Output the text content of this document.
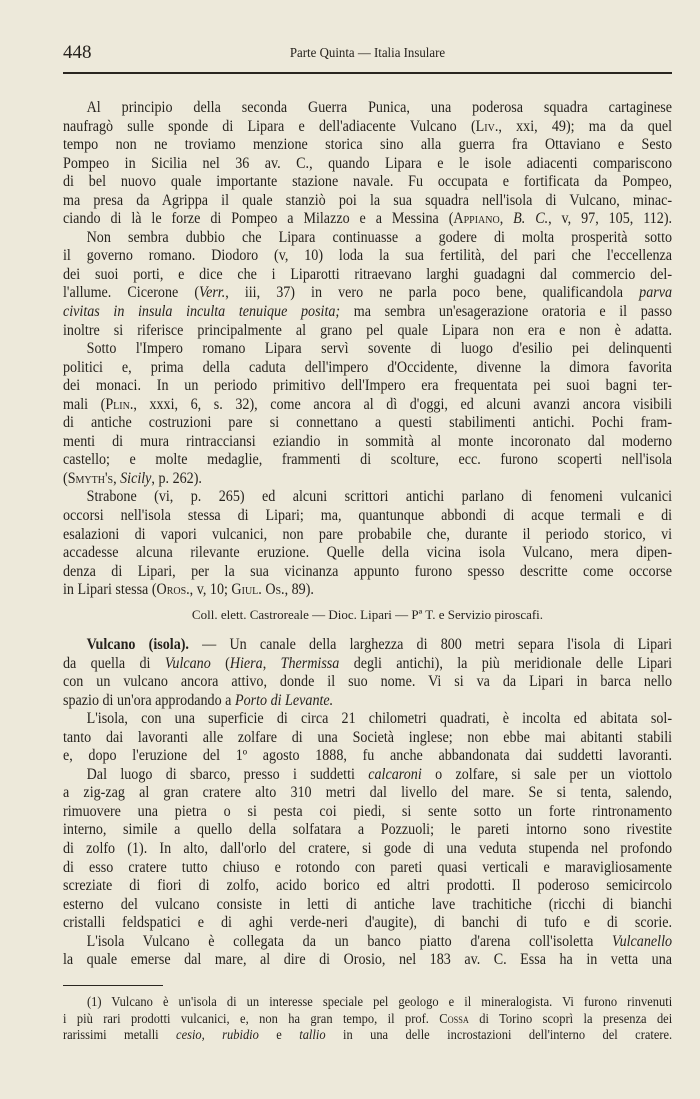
448	Parte Quinta — Italia Insulare
Al principio della seconda Guerra Punica, una poderosa squadra cartaginese
naufragò sulle sponde di Lipara e dell'adiacente Vulcano (Liv., xxi, 49); ma da quel
tempo non ne troviamo menzione storica sino alla guerra fra Ottaviano e Sesto
Pompeo in Sicilia nel 36 av. C., quando Lipara e le isole adiacenti compariscono
di bel nuovo quale importante stazione navale. Fu occupata e fortificata da Pompeo,
ma presa da Agrippa il quale stanziò poi la sua squadra nell'isola di Vulcano, minac-
ciando di là le forze di Pompeo a Milazzo e a Messina (Appiano, B. C., v, 97, 105, 112).
Non sembra dubbio che Lipara continuasse a godere di molta prosperità sotto
il governo romano. Diodoro (v, 10) loda la sua fertilità, del pari che l'eccellenza
dei suoi porti, e dice che i Liparotti ritraevano larghi guadagni dal commercio del-
l'allume. Cicerone (Verr., iii, 37) in vero ne parla poco bene, qualificandola parva
civitas in insula inculta tenuique posita; ma sembra un'esagerazione oratoria e il passo
inoltre si riferisce principalmente al grano pel quale Lipara non era e non è adatta.
Sotto l'Impero romano Lipara servì sovente di luogo d'esilio pei delinquenti
politici e, prima della caduta dell'impero d'Occidente, divenne la dimora favorita
dei monaci. In un periodo primitivo dell'Impero era frequentata pei suoi bagni ter-
mali (Plin., xxxi, 6, s. 32), come ancora al dì d'oggi, ed alcuni avanzi ancora visibili
di antiche costruzioni pare si connettano a questi stabilimenti antichi. Pochi fram-
menti di mura rintracciansi eziandio in sommità al monte incoronato dal moderno
castello; e molte medaglie, frammenti di scolture, ecc. furono scoperti nell'isola
(Smyth's, Sicily, p. 262).
Strabone (vi, p. 265) ed alcuni scrittori antichi parlano di fenomeni vulcanici
occorsi nell'isola stessa di Lipari; ma, quantunque abbondi di acque termali e di
esalazioni di vapori vulcanici, non pare probabile che, durante il periodo storico, vi
accadesse alcuna rilevante eruzione. Quelle della vicina isola Vulcano, mera dipen-
denza di Lipari, per la sua vicinanza appunto furono spesso descritte come occorse
in Lipari stessa (Oros., v, 10; Giul. Os., 89).
Coll. elett. Castroreale — Dioc. Lipari — Pª T. e Servizio piroscafi.
Vulcano (isola). — Un canale della larghezza di 800 metri separa l'isola di Lipari
da quella di Vulcano (Hiera, Thermissa degli antichi), la più meridionale delle Lipari
con un vulcano ancora attivo, donde il suo nome. Vi si va da Lipari in barca nello
spazio di un'ora approdando a Porto di Levante.
L'isola, con una superficie di circa 21 chilometri quadrati, è incolta ed abitata sol-
tanto dai lavoranti alle zolfare di una Società inglese; non ebbe mai abitanti stabili
e, dopo l'eruzione del 1º agosto 1888, fu anche abbandonata dai suddetti lavoranti.
Dal luogo di sbarco, presso i suddetti calcaroni o zolfare, si sale per un viottolo
a zig-zag al gran cratere alto 310 metri dal livello del mare. Se si tenta, salendo,
rimuovere una pietra o si pesta coi piedi, si sente sotto un forte rintronamento
interno, simile a quello della solfatara a Pozzuoli; le pareti intorno sono rivestite
di zolfo (1). In alto, dall'orlo del cratere, si gode di una veduta stupenda nel profondo
di esso cratere tutto chiuso e rotondo con pareti quasi verticali e maravigliosamente
screziate di fiori di zolfo, acido borico ed altri prodotti. Il poderoso semicircolo
esterno del vulcano consiste in letti di antiche lave trachitiche (ricchi di bianchi
cristalli feldspatici e di aghi verde-neri d'augite), di banchi di tufo e di scorie.
L'isola Vulcano è collegata da un banco piatto d'arena coll'isoletta Vulcanello
la quale emerse dal mare, al dire di Orosio, nel 183 av. C. Essa ha in vetta una
(1) Vulcano è un'isola di un interesse speciale pel geologo e il mineralogista. Vi furono rinvenuti
i più rari prodotti vulcanici, e, non ha gran tempo, il prof. Cossa di Torino scoprì la presenza dei
rarissimi metalli cesio, rubidio e tallio in una delle incrostazioni dell'interno del cratere.
